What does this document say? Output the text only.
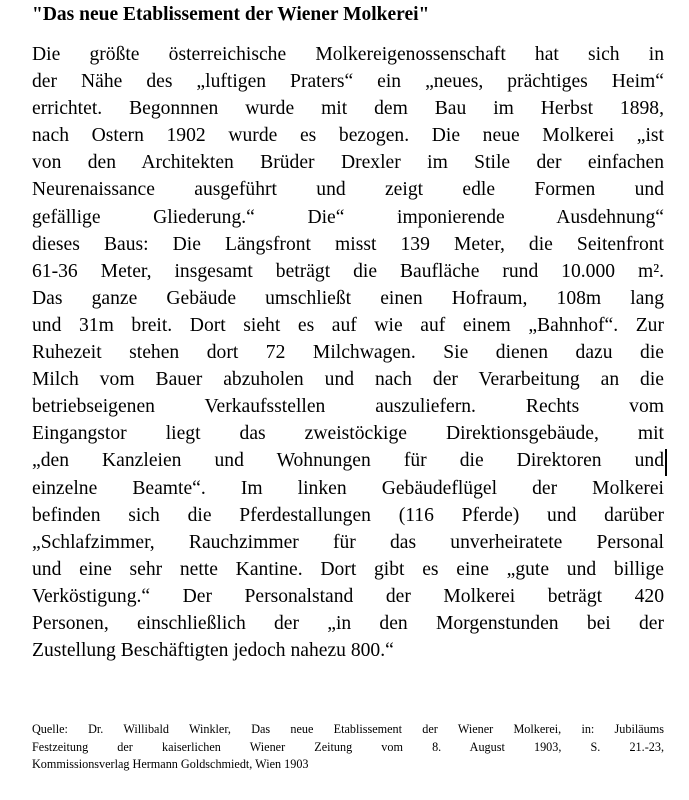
"Das neue Etablissement der Wiener Molkerei"
Die größte österreichische Molkereigenossenschaft hat sich in
der Nähe des „luftigen Praters“ ein „neues, prächtiges Heim“
errichtet. Begonnnen wurde mit dem Bau im Herbst 1898,
nach Ostern 1902 wurde es bezogen. Die neue Molkerei „ist
von den Architekten Brüder Drexler im Stile der einfachen
Neurenaissance ausgeführt und zeigt edle Formen und
gefällige Gliederung.“ Die“ imponierende Ausdehnung“
dieses Baus: Die Längsfront misst 139 Meter, die Seitenfront
61-36 Meter, insgesamt beträgt die Baufläche rund 10.000 m².
Das ganze Gebäude umschließt einen Hofraum, 108m lang
und 31m breit. Dort sieht es auf wie auf einem „Bahnhof“. Zur
Ruhezeit stehen dort 72 Milchwagen. Sie dienen dazu die
Milch vom Bauer abzuholen und nach der Verarbeitung an die
betriebseigenen Verkaufsstellen auszuliefern. Rechts vom
Eingangstor liegt das zweistöckige Direktionsgebäude, mit
„den Kanzleien und Wohnungen für die Direktoren und
einzelne Beamte“. Im linken Gebäudeflügel der Molkerei
befinden sich die Pferdestallungen (116 Pferde) und darüber
„Schlafzimmer, Rauchzimmer für das unverheiratete Personal
und eine sehr nette Kantine. Dort gibt es eine „gute und billige
Verköstigung.“ Der Personalstand der Molkerei beträgt 420
Personen, einschließlich der „in den Morgenstunden bei der
Zustellung Beschäftigten jedoch nahezu 800.“
Quelle: Dr. Willibald Winkler, Das neue Etablissement der Wiener Molkerei, in: Jubiläums
Festzeitung der kaiserlichen Wiener Zeitung vom 8. August 1903, S. 21.-23,
Kommissionsverlag Hermann Goldschmiedt, Wien 1903
